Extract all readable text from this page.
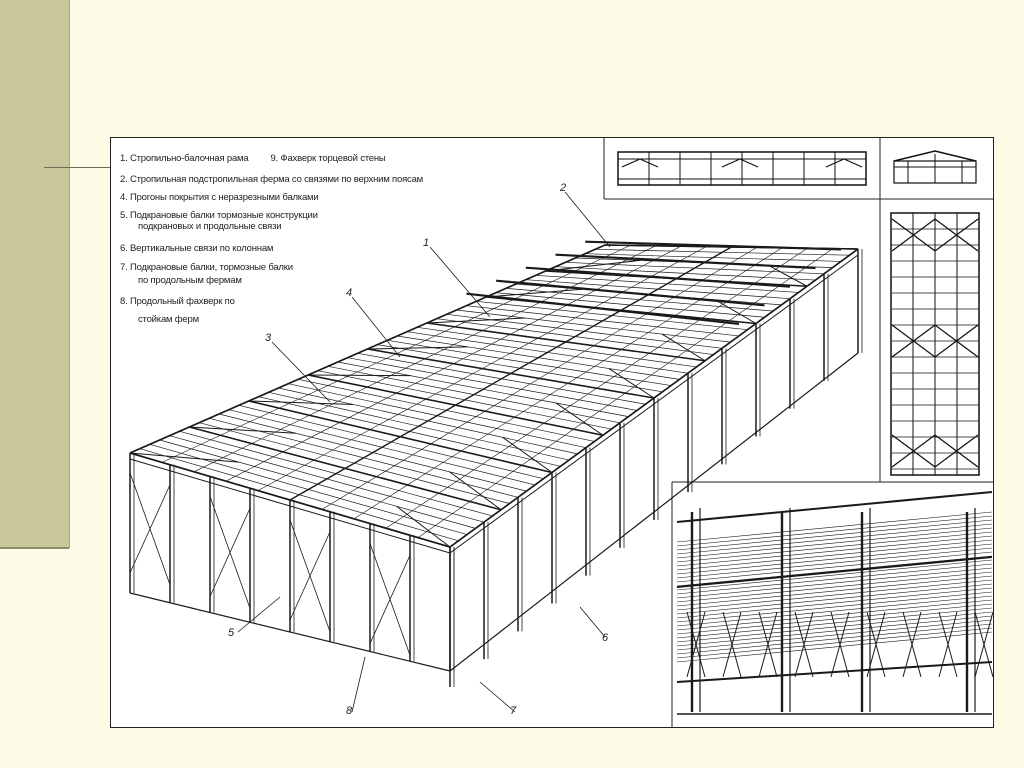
1. Стропильно-балочная рама 9. Фахверк торцевой стены
2. Стропильная подстропильная ферма со связями по верхним поясам
4. Прогоны покрытия с неразрезными балками
5. Подкрановые балки тормозные конструкции
подкрановых и продольные связи
6. Вертикальные связи по колоннам
7. Подкрановые балки, тормозные балки
по продольным фермам
8. Продольный фахверк по
стойкам ферм
1
2
3
4
5	6
7
8
